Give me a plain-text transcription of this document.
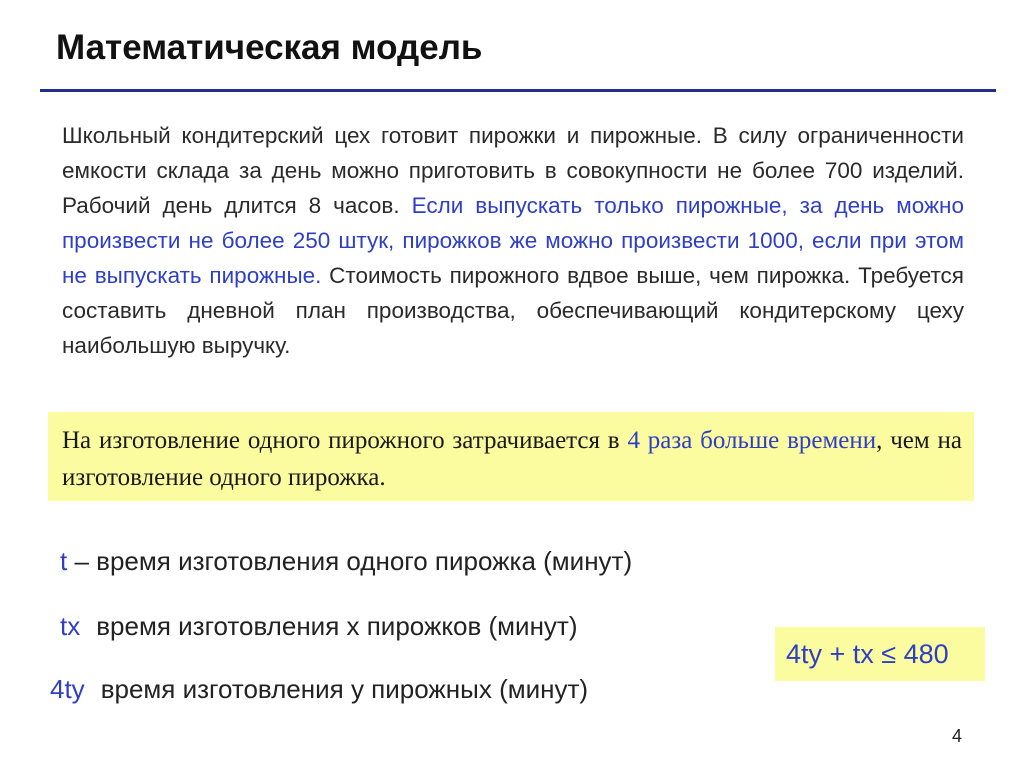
Математическая модель
Школьный кондитерский цех готовит пирожки и пирожные. В силу ограниченности емкости склада за день можно приготовить в совокупности не более 700 изделий. Рабочий день длится 8 часов. Если выпускать только пирожные, за день можно произвести не более 250 штук, пирожков же можно произвести 1000, если при этом не выпускать пирожные. Стоимость пирожного вдвое выше, чем пирожка. Требуется составить дневной план производства, обеспечивающий кондитерскому цеху наибольшую выручку.
На изготовление одного пирожного затрачивается в 4 раза больше времени, чем на изготовление одного пирожка.
t – время изготовления одного пирожка (минут)
tx время изготовления x пирожков (минут)
4ty время изготовления y пирожных (минут)
4ty + tx ≤ 480
4
